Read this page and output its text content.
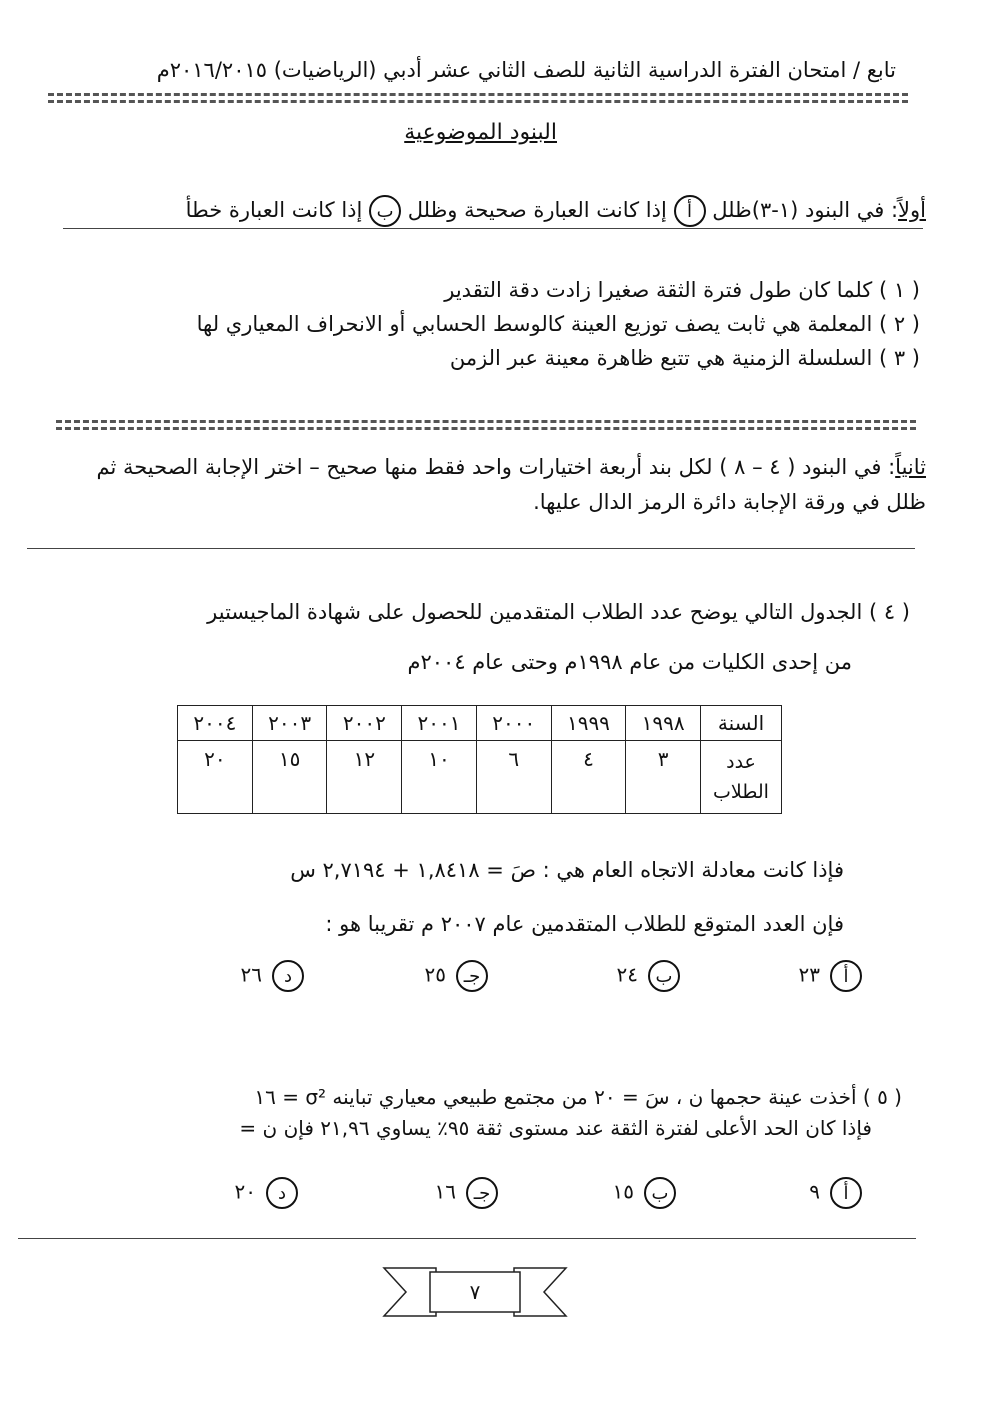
تابع / امتحان الفترة الدراسية الثانية للصف الثاني عشر أدبي (الرياضيات) ٢٠١٦/٢٠١٥م
البنود الموضوعية
أولاً: في البنود (١-٣)ظلل أ إذا كانت العبارة صحيحة وظلل ب إذا كانت العبارة خطأ
( ١ ) كلما كان طول فترة الثقة صغيرا زادت دقة التقدير
( ٢ ) المعلمة هي ثابت يصف توزيع العينة كالوسط الحسابي أو الانحراف المعياري لها
( ٣ ) السلسلة الزمنية هي تتبع ظاهرة معينة عبر الزمن
ثانياً: في البنود ( ٤ – ٨ ) لكل بند أربعة اختيارات واحد فقط منها صحيح – اختر الإجابة الصحيحة ثم
ظلل في ورقة الإجابة دائرة الرمز الدال عليها.
( ٤ ) الجدول التالي يوضح عدد الطلاب المتقدمين للحصول على شهادة الماجيستير
من إحدى الكليات من عام ١٩٩٨م وحتى عام ٢٠٠٤م
السنة	١٩٩٨	١٩٩٩	٢٠٠٠	٢٠٠١	٢٠٠٢	٢٠٠٣	٢٠٠٤
عدد الطلاب	٣	٤	٦	١٠	١٢	١٥	٢٠
فإذا كانت معادلة الاتجاه العام هي : صَ = ١,٨٤١٨ + ٢,٧١٩٤ س
فإن العدد المتوقع للطلاب المتقدمين عام ٢٠٠٧ م تقريبا هو :
أ٢٣
ب٢٤
جـ٢٥
د٢٦
( ٥ ) أخذت عينة حجمها ن ، سَ = ٢٠ من مجتمع طبيعي معياري تباينه σ² = ١٦
فإذا كان الحد الأعلى لفترة الثقة عند مستوى ثقة ٩٥٪ يساوي ٢١,٩٦ فإن ن =
أ٩
ب١٥
جـ١٦
د٢٠
٧
